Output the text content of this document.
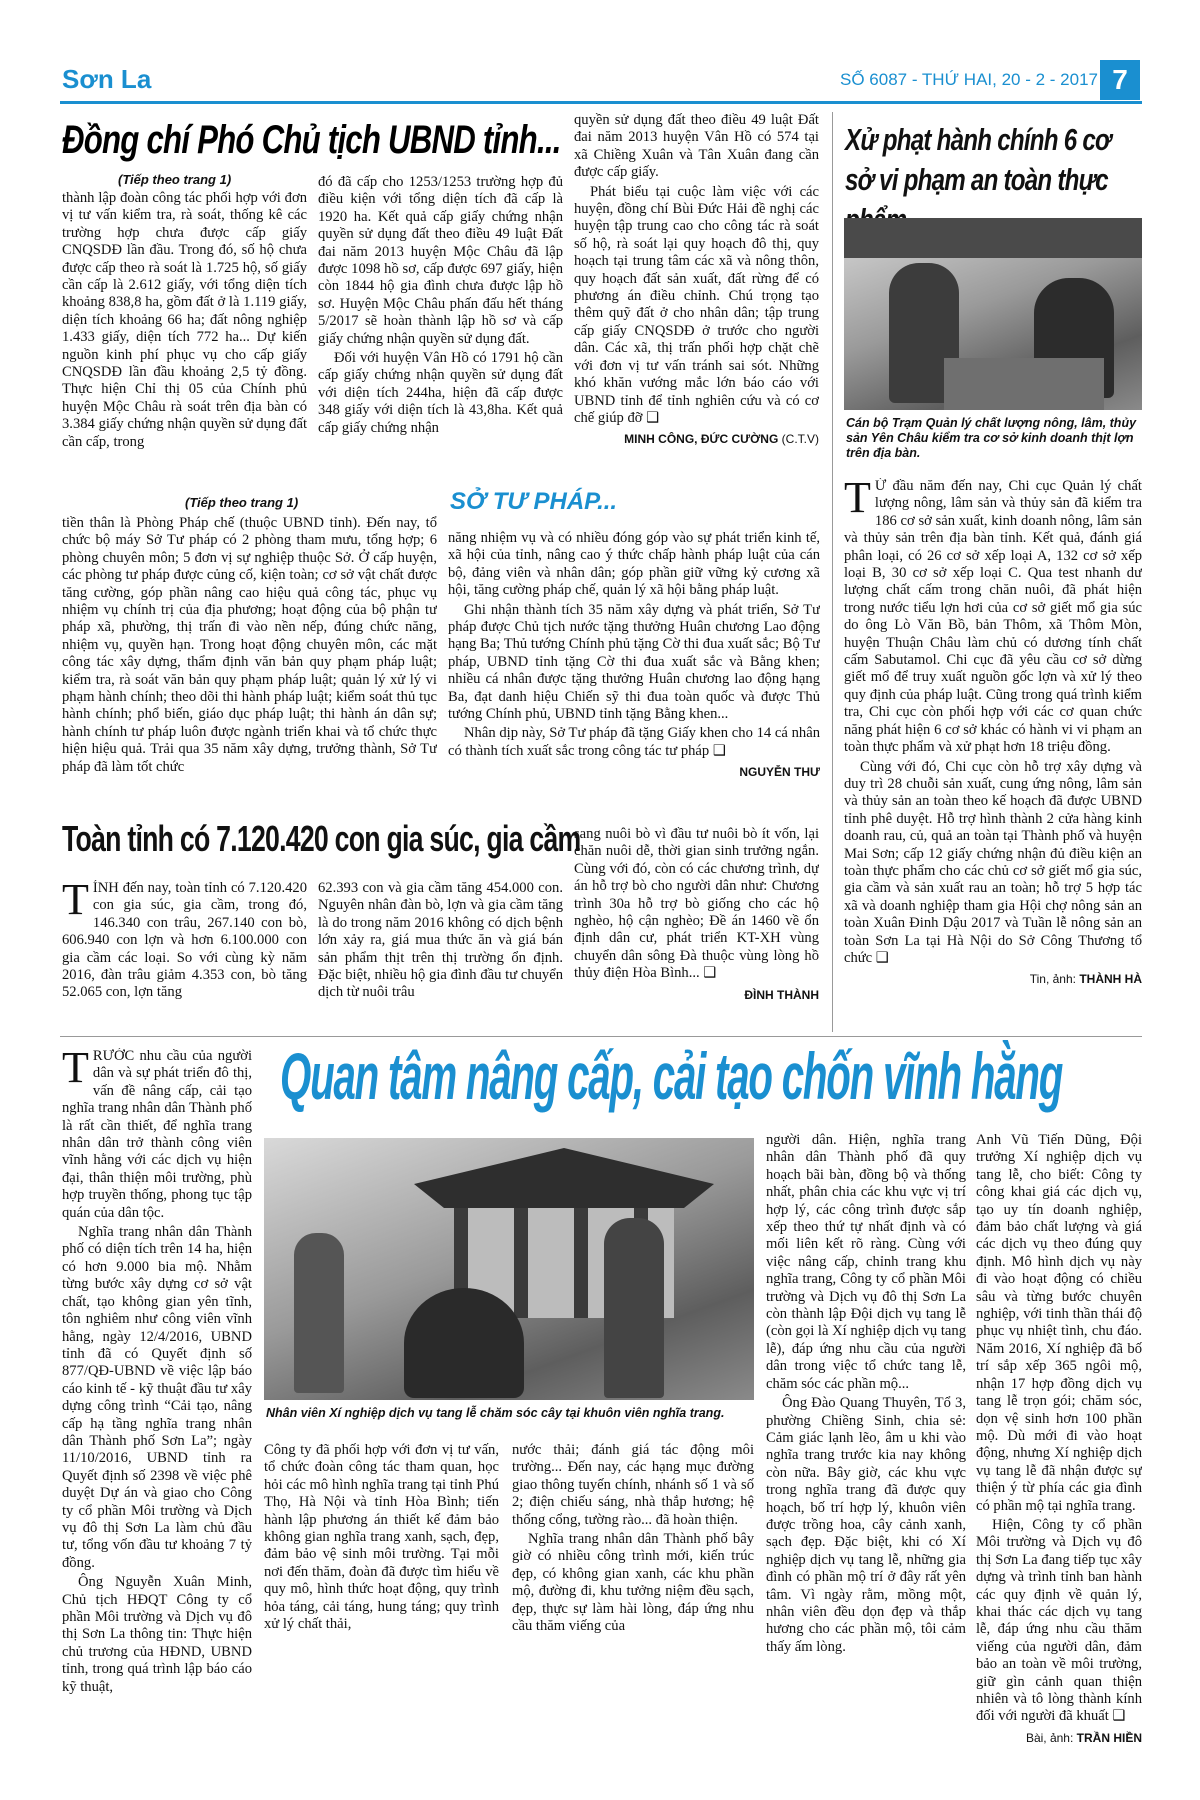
Sơn La	SỐ 6087 - THỨ HAI, 20 - 2 - 2017 7
Đồng chí Phó Chủ tịch UBND tỉnh...
(Tiếp theo trang 1)

thành lập đoàn công tác phối hợp với đơn vị tư vấn kiểm tra, rà soát, thống kê các trường hợp chưa được cấp giấy CNQSDĐ lần đầu. Trong đó, số hộ chưa được cấp theo rà soát là 1.725 hộ, số giấy cần cấp là 2.612 giấy, với tổng diện tích khoảng 838,8 ha, gồm đất ở là 1.119 giấy, diện tích khoảng 66 ha; đất nông nghiệp 1.433 giấy, diện tích 772 ha... Dự kiến nguồn kinh phí phục vụ cho cấp giấy CNQSDĐ lần đầu khoảng 2,5 tỷ đồng. Thực hiện Chỉ thị 05 của Chính phủ huyện Mộc Châu rà soát trên địa bàn có 3.384 giấy chứng nhận quyền sử dụng đất cần cấp, trong

đó đã cấp cho 1253/1253 trường hợp đủ điều kiện với tổng diện tích đã cấp là 1920 ha. Kết quả cấp giấy chứng nhận quyền sử dụng đất theo điều 49 luật Đất đai năm 2013 huyện Mộc Châu đã lập được 1098 hồ sơ, cấp được 697 giấy, hiện còn 1844 hộ gia đình chưa được lập hồ sơ. Huyện Mộc Châu phấn đấu hết tháng 5/2017 sẽ hoàn thành lập hồ sơ và cấp giấy chứng nhận quyền sử dụng đất.

Đối với huyện Vân Hồ có 1791 hộ cần cấp giấy chứng nhận quyền sử dụng đất với diện tích 244ha, hiện đã cấp được 348 giấy với diện tích là 43,8ha. Kết quả cấp giấy chứng nhận

quyền sử dụng đất theo điều 49 luật Đất đai năm 2013 huyện Vân Hồ có 574 tại xã Chiềng Xuân và Tân Xuân đang cần được cấp giấy.

Phát biểu tại cuộc làm việc với các huyện, đồng chí Bùi Đức Hải đề nghị các huyện tập trung cao cho công tác rà soát số hộ, rà soát lại quy hoạch đô thị, quy hoạch tại trung tâm các xã và nông thôn, quy hoạch đất sản xuất, đất rừng để có phương án điều chỉnh. Chú trọng tạo thêm quỹ đất ở cho nhân dân; tập trung cấp giấy CNQSDĐ ở trước cho người dân. Các xã, thị trấn phối hợp chặt chẽ với đơn vị tư vấn tránh sai sót. Những khó khăn vướng mắc lớn báo cáo với UBND tỉnh để tỉnh nghiên cứu và có cơ chế giúp đỡ ❑

MINH CÔNG, ĐỨC CƯỜNG (C.T.V)
Xử phạt hành chính 6 cơ sở vi phạm an toàn thực
Cán bộ Trạm Quản lý chất lượng nông, lâm, thủy sản Yên Châu kiểm tra cơ sở kinh doanh thịt lợn trên địa bàn.

T Ừ đầu năm đến nay, Chi cục Quản lý chất lượng nông, lâm sản và thủy sản đã kiểm tra 186 cơ sở sản xuất, kinh doanh nông, lâm sản và thủy sản trên địa bàn tỉnh. Kết quả, đánh giá phân loại, có 26 cơ sở xếp loại A, 132 cơ sở xếp loại B, 30 cơ sở xếp loại C. Qua test nhanh dư lượng chất cấm trong chăn nuôi, đã phát hiện trong nước tiểu lợn hơi của cơ sở giết mổ gia súc do ông Lò Văn Bồ, bản Thôm, xã Thôm Mòn, huyện Thuận Châu làm chủ có dương tính chất cấm Sabutamol. Chi cục đã yêu cầu cơ sở dừng giết mổ để truy xuất nguồn gốc lợn và xử lý theo quy định của pháp luật. Cũng trong quá trình kiểm tra, Chi cục còn phối hợp với các cơ quan chức năng phát hiện 6 cơ sở khác có hành vi vi phạm an toàn thực phẩm và xử phạt hơn 18 triệu đồng.

Cùng với đó, Chi cục còn hỗ trợ xây dựng và duy trì 28 chuỗi sản xuất, cung ứng nông, lâm sản và thủy sản an toàn theo kế hoạch đã được UBND tỉnh phê duyệt. Hỗ trợ hình thành 2 cửa hàng kinh doanh rau, củ, quả an toàn tại Thành phố và huyện Mai Sơn; cấp 12 giấy chứng nhận đủ điều kiện an toàn thực phẩm cho các chủ cơ sở giết mổ gia súc, gia cầm và sản xuất rau an toàn; hỗ trợ 5 hợp tác xã và doanh nghiệp tham gia Hội chợ nông sản an toàn Xuân Đinh Dậu 2017 và Tuần lễ nông sản an toàn Sơn La tại Hà Nội do Sở Công Thương tổ chức ❑

Tin, ảnh: THÀNH HÀ
(Tiếp theo trang 1)	SỞ TƯ PHÁP...

tiền thân là Phòng Pháp chế (thuộc UBND tỉnh). Đến nay, tổ chức bộ máy Sở Tư pháp có 2 phòng tham mưu, tổng hợp; 6 phòng chuyên môn; 5 đơn vị sự nghiệp thuộc Sở. Ở cấp huyện, các phòng tư pháp được củng cố, kiện toàn; cơ sở vật chất được tăng cường, góp phần nâng cao hiệu quả công tác, phục vụ nhiệm vụ chính trị của địa phương; hoạt động của bộ phận tư pháp xã, phường, thị trấn đi vào nền nếp, đúng chức năng, nhiệm vụ, quyền hạn. Trong hoạt động chuyên môn, các mặt công tác xây dựng, thẩm định văn bản quy phạm pháp luật; kiểm tra, rà soát văn bản quy phạm pháp luật; quản lý xử lý vi phạm hành chính; theo dõi thi hành pháp luật; kiểm soát thủ tục hành chính; phổ biến, giáo dục pháp luật; thi hành án dân sự; hành chính tư pháp luôn được ngành triển khai và tổ chức thực hiện hiệu quả. Trải qua 35 năm xây dựng, trưởng thành, Sở Tư pháp đã làm tốt chức

năng nhiệm vụ và có nhiều đóng góp vào sự phát triển kinh tế, xã hội của tỉnh, nâng cao ý thức chấp hành pháp luật của cán bộ, đảng viên và nhân dân; góp phần giữ vững kỷ cương xã hội, tăng cường pháp chế, quản lý xã hội bằng pháp luật.

Ghi nhận thành tích 35 năm xây dựng và phát triển, Sở Tư pháp được Chủ tịch nước tặng thưởng Huân chương Lao động hạng Ba; Thủ tướng Chính phủ tặng Cờ thi đua xuất sắc; Bộ Tư pháp, UBND tỉnh tặng Cờ thi đua xuất sắc và Bằng khen; nhiều cá nhân được tặng thưởng Huân chương lao động hạng Ba, đạt danh hiệu Chiến sỹ thi đua toàn quốc và được Thủ tướng Chính phủ, UBND tỉnh tặng Bằng khen...

Nhân dịp này, Sở Tư pháp đã tặng Giấy khen cho 14 cá nhân có thành tích xuất sắc trong công tác tư pháp ❑

NGUYỄN THƯ
Toàn tỉnh có 7.120.420 con gia súc, gia cầm

TÍNH đến nay, toàn tỉnh có 7.120.420 con gia súc, gia cầm, trong đó, 146.340 con trâu, 267.140 con bò, 606.940 con lợn và hơn 6.100.000 con gia cầm các loại. So với cùng kỳ năm 2016, đàn trâu giảm 4.353 con, bò tăng 52.065 con, lợn tăng

62.393 con và gia cầm tăng 454.000 con. Nguyên nhân đàn bò, lợn và gia cầm tăng là do trong năm 2016 không có dịch bệnh lớn xảy ra, giá mua thức ăn và giá bán sản phẩm thịt trên thị trường ổn định. Đặc biệt, nhiều hộ gia đình đầu tư chuyển dịch từ nuôi trâu

sang nuôi bò vì đầu tư nuôi bò ít vốn, lại chăn nuôi dễ, thời gian sinh trưởng ngắn. Cùng với đó, còn có các chương trình, dự án hỗ trợ bò cho người dân như: Chương trình 30a hỗ trợ bò giống cho các hộ nghèo, hộ cận nghèo; Đề án 1460 về ổn định dân cư, phát triển KT-XH vùng chuyển dân sông Đà thuộc vùng lòng hồ thủy điện Hòa Bình... ❑

ĐÌNH THÀNH

TRƯỚC nhu cầu của người dân và sự phát triển đô thị, vấn đề nâng cấp, cải tạo nghĩa trang nhân dân Thành phố là rất cần thiết, để nghĩa trang nhân dân trở thành công viên vĩnh hằng với các dịch vụ hiện đại, thân thiện môi trường, phù hợp truyền thống, phong tục tập quán của dân tộc.

Nghĩa trang nhân dân Thành phố có diện tích trên 14 ha, hiện có hơn 9.000 bia mộ. Nhằm từng bước xây dựng cơ sở vật chất, tạo không gian yên tĩnh, tôn nghiêm như công viên vĩnh hằng, ngày 12/4/2016, UBND tỉnh đã có Quyết định số 877/QĐ-UBND về việc lập báo cáo kinh tế - kỹ thuật đầu tư xây dựng công trình “Cải tạo, nâng cấp hạ tầng nghĩa trang nhân dân Thành phố Sơn La”; ngày 11/10/2016, UBND tỉnh ra Quyết định số 2398 về việc phê duyệt Dự án và giao cho Công ty cổ phần Môi trường và Dịch vụ đô thị Sơn La làm chủ đầu tư, tổng vốn đầu tư khoảng 7 tỷ đồng.

Ông Nguyễn Xuân Minh, Chủ tịch HĐQT Công ty cổ phần Môi trường và Dịch vụ đô thị Sơn La thông tin: Thực hiện chủ trương của HĐND, UBND tỉnh, trong quá trình lập báo cáo kỹ thuật,

Quan tâm nâng cấp, cải tạo chốn vĩnh hằng
Nhân viên Xí nghiệp dịch vụ tang lễ chăm sóc cây tại khuôn viên nghĩa trang.

Công ty đã phối hợp với đơn vị tư vấn, tổ chức đoàn công tác tham quan, học hỏi các mô hình nghĩa trang tại tỉnh Phú Thọ, Hà Nội và tỉnh Hòa Bình; tiến hành lập phương án thiết kế đảm bảo không gian nghĩa trang xanh, sạch, đẹp, đảm bảo vệ sinh môi trường. Tại mỗi nơi đến thăm, đoàn đã được tìm hiểu về quy mô, hình thức hoạt động, quy trình hỏa táng, cải táng, hung táng; quy trình xử lý chất thải,

nước thải; đánh giá tác động môi trường... Đến nay, các hạng mục đường giao thông tuyến chính, nhánh số 1 và số 2; điện chiếu sáng, nhà thắp hương; hệ thống cổng, tường rào... đã hoàn thiện.

Nghĩa trang nhân dân Thành phố bây giờ có nhiều công trình mới, kiến trúc đẹp, có không gian xanh, các khu phần mộ, đường đi, khu tưởng niệm đều sạch, đẹp, thực sự làm hài lòng, đáp ứng nhu cầu thăm viếng của

người dân. Hiện, nghĩa trang nhân dân Thành phố đã quy hoạch bãi bàn, đồng bộ và thống nhất, phân chia các khu vực vị trí hợp lý, các công trình được sắp xếp theo thứ tự nhất định và có mối liên kết rõ ràng. Cùng với việc nâng cấp, chỉnh trang khu nghĩa trang, Công ty cổ phần Môi trường và Dịch vụ đô thị Sơn La còn thành lập Đội dịch vụ tang lễ (còn gọi là Xí nghiệp dịch vụ tang lễ), đáp ứng nhu cầu của người dân trong việc tổ chức tang lễ, chăm sóc các phần mộ...

Ông Đào Quang Thuyên, Tổ 3, phường Chiềng Sinh, chia sẻ: Cảm giác lạnh lẽo, âm u khi vào nghĩa trang trước kia nay không còn nữa. Bây giờ, các khu vực trong nghĩa trang đã được quy hoạch, bố trí hợp lý, khuôn viên được trồng hoa, cây cảnh xanh, sạch đẹp. Đặc biệt, khi có Xí nghiệp dịch vụ tang lễ, những gia đình có phần mộ trí ở đây rất yên tâm. Vì ngày rằm, mồng một, nhân viên đều dọn đẹp và thắp hương cho các phần mộ, tôi cảm thấy ấm lòng.

Anh Vũ Tiến Dũng, Đội trưởng Xí nghiệp dịch vụ tang lễ, cho biết: Công ty công khai giá các dịch vụ, tạo uy tín doanh nghiệp, đảm bảo chất lượng và giá các dịch vụ theo đúng quy định. Mô hình dịch vụ này đi vào hoạt động có chiều sâu và từng bước chuyên nghiệp, với tinh thần thái độ phục vụ nhiệt tình, chu đáo. Năm 2016, Xí nghiệp đã bố trí sắp xếp 365 ngôi mộ, nhận 17 hợp đồng dịch vụ tang lễ trọn gói; chăm sóc, dọn vệ sinh hơn 100 phần mộ. Dù mới đi vào hoạt động, nhưng Xí nghiệp dịch vụ tang lễ đã nhận được sự thiện ý từ phía các gia đình có phần mộ tại nghĩa trang.

Hiện, Công ty cổ phần Môi trường và Dịch vụ đô thị Sơn La đang tiếp tục xây dựng và trình tỉnh ban hành các quy định về quản lý, khai thác các dịch vụ tang lễ, đáp ứng nhu cầu thăm viếng của người dân, đảm bảo an toàn về môi trường, giữ gìn cảnh quan thiện nhiên và tô lòng thành kính đối với người đã khuất ❑

Bài, ảnh: TRẦN HIỀN
